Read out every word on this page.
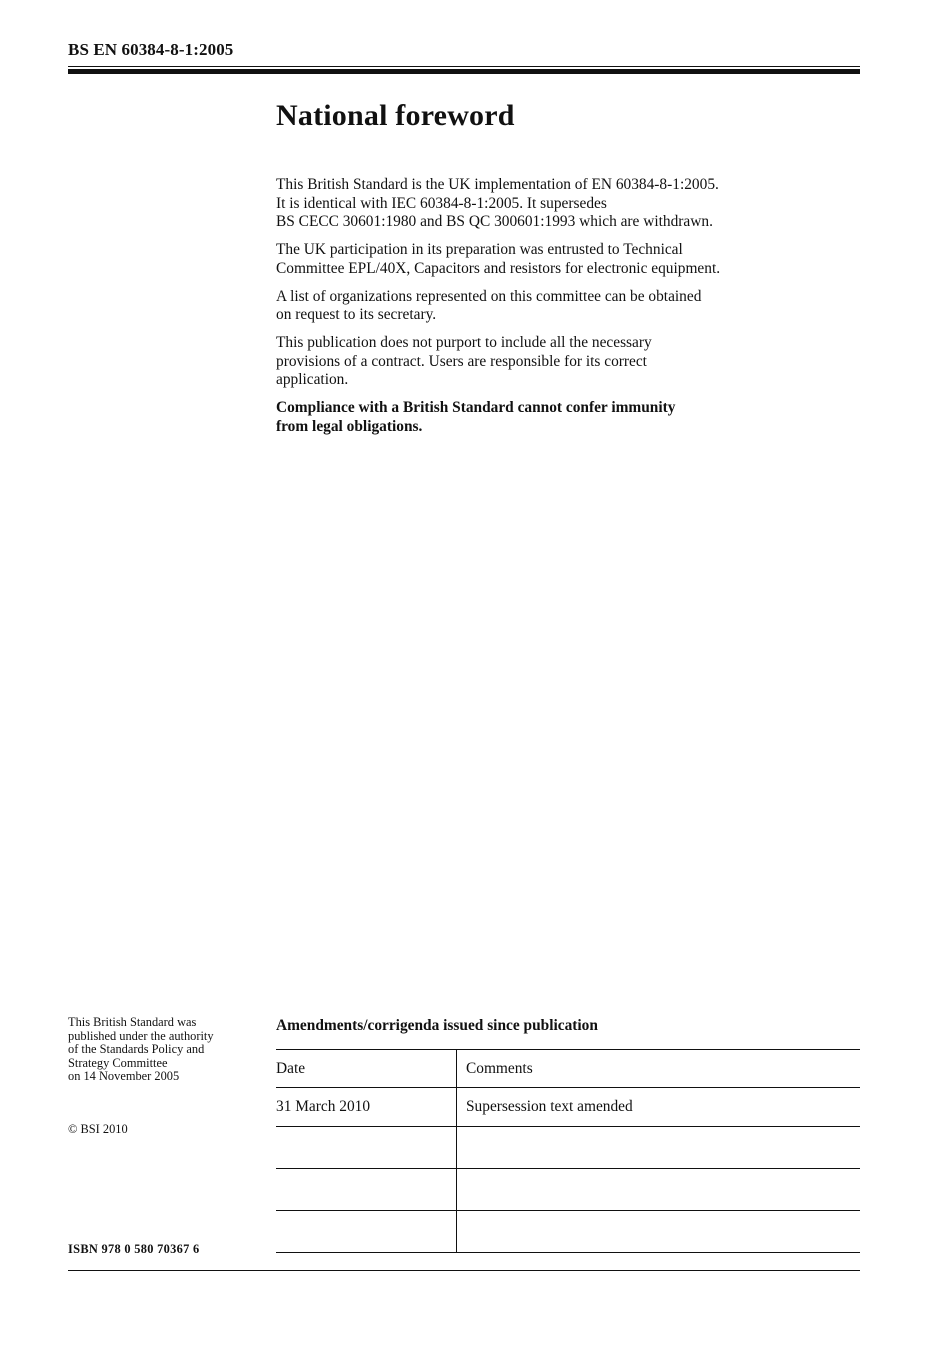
BS EN 60384-8-1:2005
National foreword

This British Standard is the UK implementation of EN 60384-8-1:2005.
It is identical with IEC 60384-8-1:2005. It supersedes
BS CECC 30601:1980 and BS QC 300601:1993 which are withdrawn.

The UK participation in its preparation was entrusted to Technical
Committee EPL/40X, Capacitors and resistors for electronic equipment.

A list of organizations represented on this committee can be obtained
on request to its secretary.

This publication does not purport to include all the necessary
provisions of a contract. Users are responsible for its correct
application.

Compliance with a British Standard cannot confer immunity
from legal obligations.

This British Standard was
published under the authority
of the Standards Policy and
Strategy Committee
on 14 November 2005
© BSI 2010
ISBN 978 0 580 70367 6
Amendments/corrigenda issued since publication
Date	Comments
31 March 2010	Supersession text amended
